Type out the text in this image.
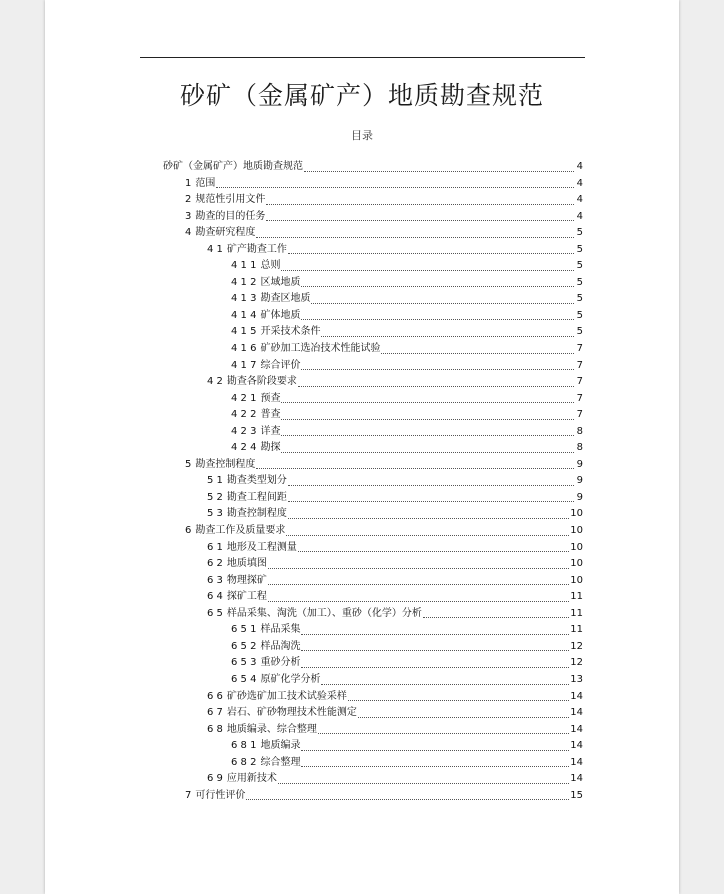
砂矿（金属矿产）地质勘查规范
目录
砂矿（金属矿产）地质勘查规范	4
1 范围	4
2 规范性引用文件	4
3 勘查的目的任务	4
4 勘查研究程度	5
4 1 矿产勘查工作	5
4 1 1 总则	5
4 1 2 区域地质	5
4 1 3 勘查区地质	5
4 1 4 矿体地质	5
4 1 5 开采技术条件	5
4 1 6 矿砂加工选冶技术性能试验	7
4 1 7 综合评价	7
4 2 勘查各阶段要求	7
4 2 1 预查	7
4 2 2 普查	7
4 2 3 详查	8
4 2 4 勘探	8
5 勘查控制程度	9
5 1 勘查类型划分	9
5 2 勘查工程间距	9
5 3 勘查控制程度	10
6 勘查工作及质量要求	10
6 1 地形及工程测量	10
6 2 地质填图	10
6 3 物理探矿	10
6 4 探矿工程	11
6 5 样品采集、淘洗（加工）、重砂（化学）分析	11
6 5 1 样品采集	11
6 5 2 样品淘洗	12
6 5 3 重砂分析	12
6 5 4 原矿化学分析	13
6 6 矿砂选矿加工技术试验采样	14
6 7 岩石、矿砂物理技术性能测定	14
6 8 地质编录、综合整理	14
6 8 1 地质编录	14
6 8 2 综合整理	14
6 9 应用新技术	14
7 可行性评价	15
